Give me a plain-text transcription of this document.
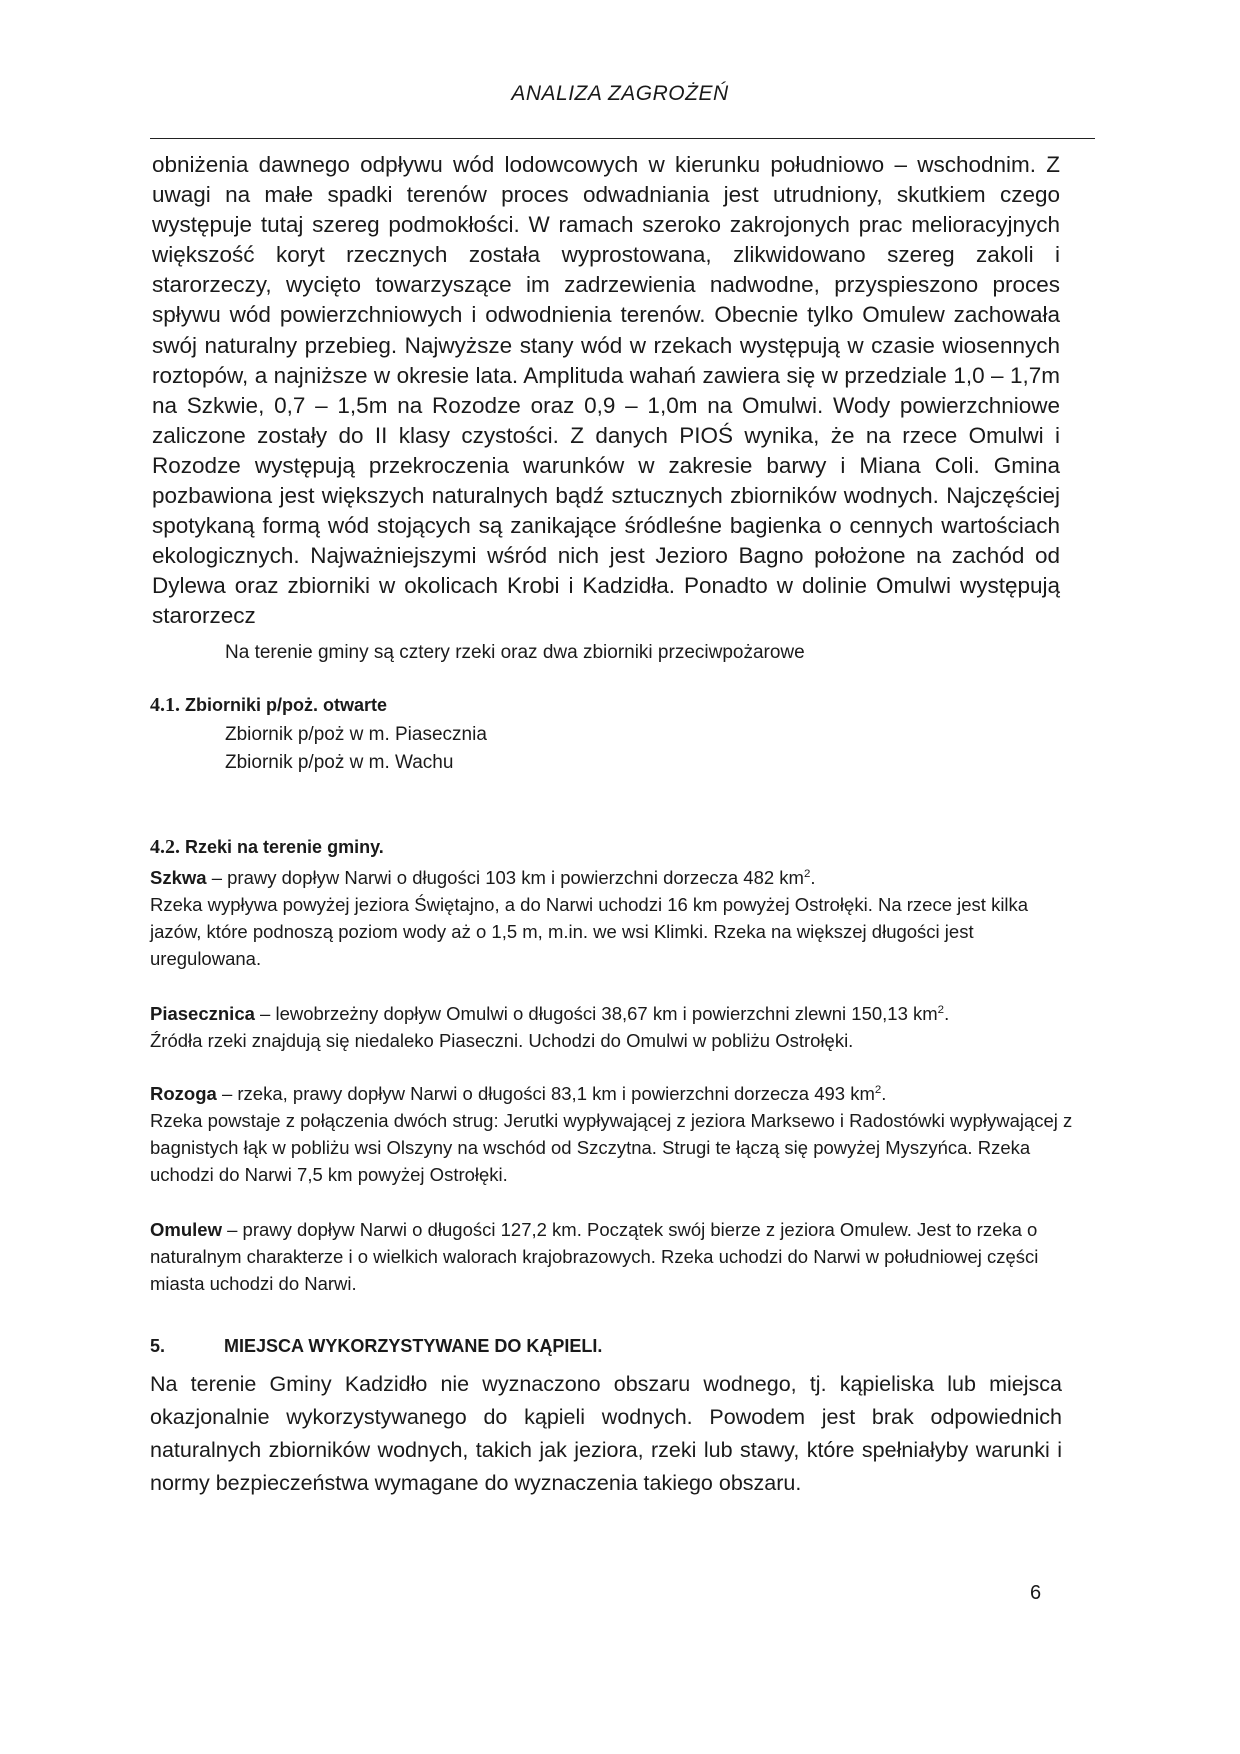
ANALIZA ZAGROŻEŃ

obniżenia dawnego odpływu wód lodowcowych w kierunku południowo – wschodnim. Z uwagi na małe spadki terenów proces odwadniania jest utrudniony, skutkiem czego występuje tutaj szereg podmokłości. W ramach szeroko zakrojonych prac melioracyjnych większość koryt rzecznych została wyprostowana, zlikwidowano szereg zakoli i starorzeczy, wycięto towarzyszące im zadrzewienia nadwodne, przyspieszono proces spływu wód powierzchniowych i odwodnienia terenów. Obecnie tylko Omulew zachowała swój naturalny przebieg. Najwyższe stany wód w rzekach występują w czasie wiosennych roztopów, a najniższe w okresie lata. Amplituda wahań zawiera się w przedziale 1,0 – 1,7m na Szkwie, 0,7 – 1,5m na Rozodze oraz 0,9 – 1,0m na Omulwi. Wody powierzchniowe zaliczone zostały do II klasy czystości. Z danych PIOŚ wynika, że na rzece Omulwi i Rozodze występują przekroczenia warunków w zakresie barwy i Miana Coli. Gmina pozbawiona jest większych naturalnych bądź sztucznych zbiorników wodnych. Najczęściej spotykaną formą wód stojących są zanikające śródleśne bagienka o cennych wartościach ekologicznych. Najważniejszymi wśród nich jest Jezioro Bagno położone na zachód od Dylewa oraz zbiorniki w okolicach Krobi i Kadzidła. Ponadto w dolinie Omulwi występują starorzecz

Na terenie gminy są cztery rzeki oraz dwa zbiorniki przeciwpożarowe

4.1. Zbiorniki p/poż. otwarte

Zbiornik p/poż w m. Piasecznia

Zbiornik p/poż w m. Wachu

4.2. Rzeki na terenie gminy.

Szkwa – prawy dopływ Narwi o długości 103 km i powierzchni dorzecza 482 $km^2$.
Rzeka wypływa powyżej jeziora Świętajno, a do Narwi uchodzi 16 km powyżej Ostrołęki. Na rzece jest kilka jazów, które podnoszą poziom wody aż o 1,5 m, m.in. we wsi Klimki. Rzeka na większej długości jest uregulowana.
Piasecznica – lewobrzeżny dopływ Omulwi o długości 38,67 km i powierzchni zlewni 150,13 $km^2$.
Źródła rzeki znajdują się niedaleko Piaseczni. Uchodzi do Omulwi w pobliżu Ostrołęki.
Rozoga – rzeka, prawy dopływ Narwi o długości 83,1 km i powierzchni dorzecza 493 $km^2$.
Rzeka powstaje z połączenia dwóch strug: Jerutki wypływającej z jeziora Marksewo i Radostówki wypływającej z bagnistych łąk w pobliżu wsi Olszyny na wschód od Szczytna. Strugi te łączą się powyżej Myszyńca. Rzeka uchodzi do Narwi 7,5 km powyżej Ostrołęki.
Omulew – prawy dopływ Narwi o długości 127,2 km. Początek swój bierze z jeziora Omulew. Jest to rzeka o naturalnym charakterze i o wielkich walorach krajobrazowych. Rzeka uchodzi do Narwi w południowej części miasta uchodzi do Narwi.

5.	MIEJSCA WYKORZYSTYWANE DO KĄPIELI.

Na terenie Gminy Kadzidło nie wyznaczono obszaru wodnego, tj. kąpieliska lub miejsca okazjonalnie wykorzystywanego do kąpieli wodnych. Powodem jest brak odpowiednich naturalnych zbiorników wodnych, takich jak jeziora, rzeki lub stawy, które spełniałyby warunki i normy bezpieczeństwa wymagane do wyznaczenia takiego obszaru.

6
